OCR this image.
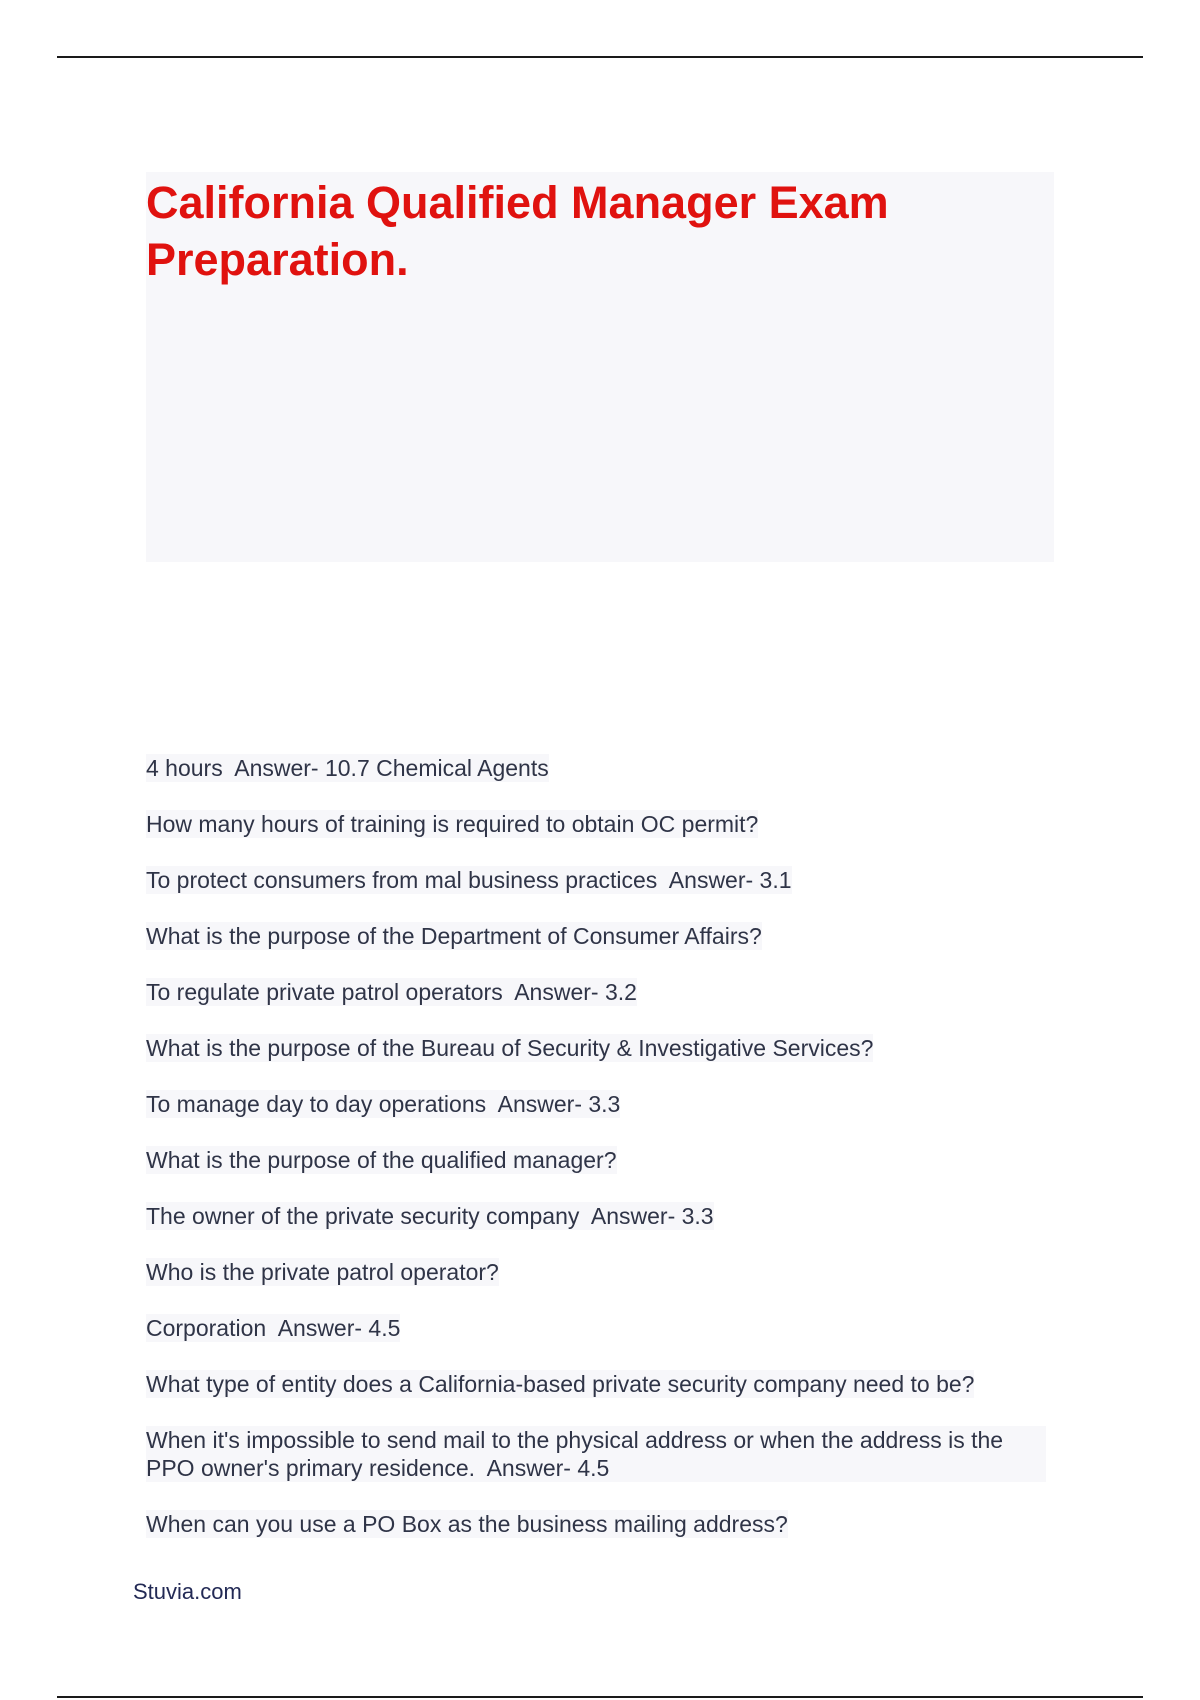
California Qualified Manager Exam Preparation.
4 hours  Answer- 10.7 Chemical Agents
How many hours of training is required to obtain OC permit?
To protect consumers from mal business practices  Answer- 3.1
What is the purpose of the Department of Consumer Affairs?
To regulate private patrol operators  Answer- 3.2
What is the purpose of the Bureau of Security & Investigative Services?
To manage day to day operations  Answer- 3.3
What is the purpose of the qualified manager?
The owner of the private security company  Answer- 3.3
Who is the private patrol operator?
Corporation  Answer- 4.5
What type of entity does a California-based private security company need to be?
When it's impossible to send mail to the physical address or when the address is the PPO owner's primary residence.  Answer- 4.5
When can you use a PO Box as the business mailing address?
Stuvia.com
